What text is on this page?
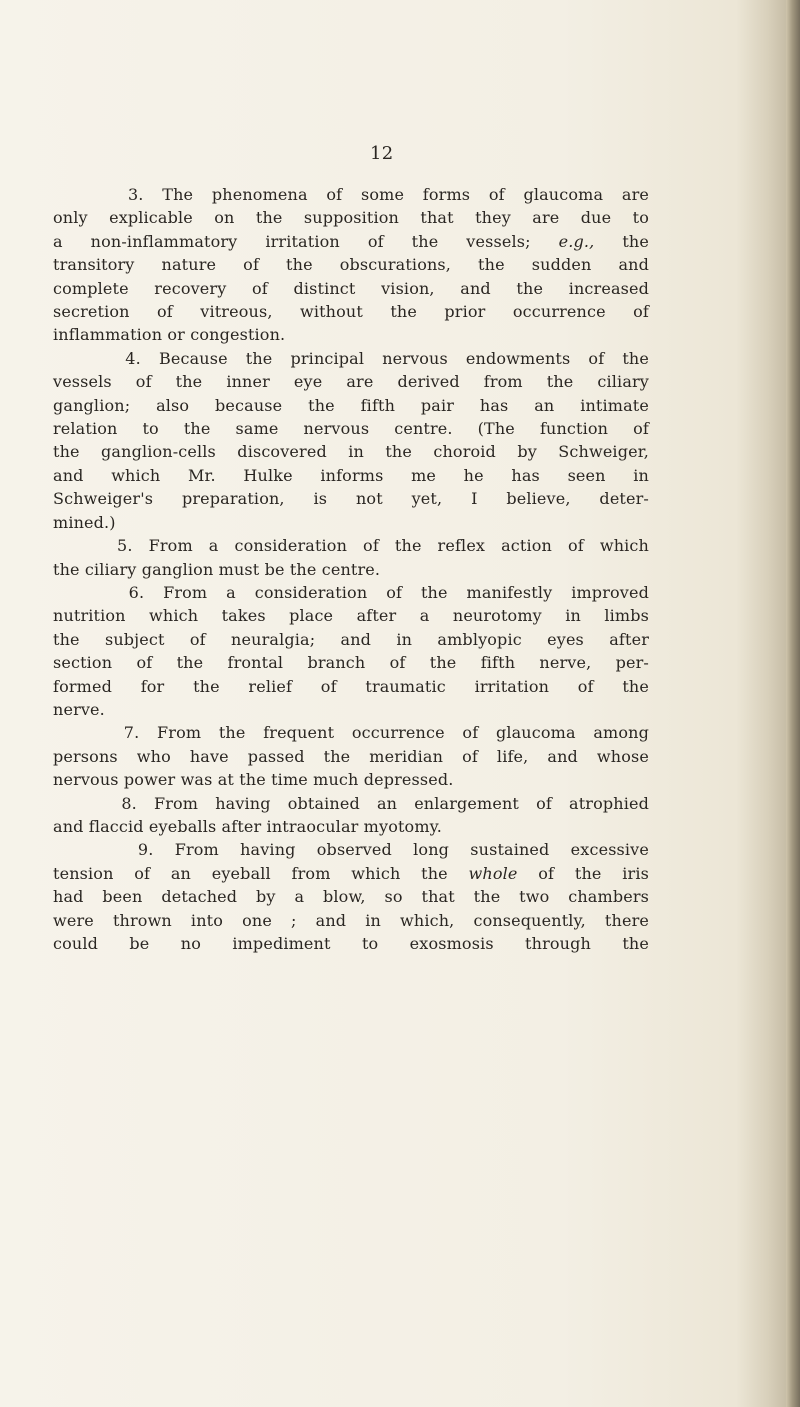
12
3. The phenomena of some forms of glaucoma are
only explicable on the supposition that they are due to
a non-inflammatory irritation of the vessels; e.g., the
transitory nature of the obscurations, the sudden and
complete recovery of distinct vision, and the increased
secretion of vitreous, without the prior occurrence of
inflammation or congestion.
4. Because the principal nervous endowments of the
vessels of the inner eye are derived from the ciliary
ganglion; also because the fifth pair has an intimate
relation to the same nervous centre. (The function of
the ganglion-cells discovered in the choroid by Schweiger,
and which Mr. Hulke informs me he has seen in
Schweiger's preparation, is not yet, I believe, deter-
mined.)
5. From a consideration of the reflex action of which
the ciliary ganglion must be the centre.
6. From a consideration of the manifestly improved
nutrition which takes place after a neurotomy in limbs
the subject of neuralgia; and in amblyopic eyes after
section of the frontal branch of the fifth nerve, per-
formed for the relief of traumatic irritation of the
nerve.
7. From the frequent occurrence of glaucoma among
persons who have passed the meridian of life, and whose
nervous power was at the time much depressed.
8. From having obtained an enlargement of atrophied
and flaccid eyeballs after intraocular myotomy.
9. From having observed long sustained excessive
tension of an eyeball from which the whole of the iris
had been detached by a blow, so that the two chambers
were thrown into one ; and in which, consequently, there
could be no impediment to exosmosis through the
